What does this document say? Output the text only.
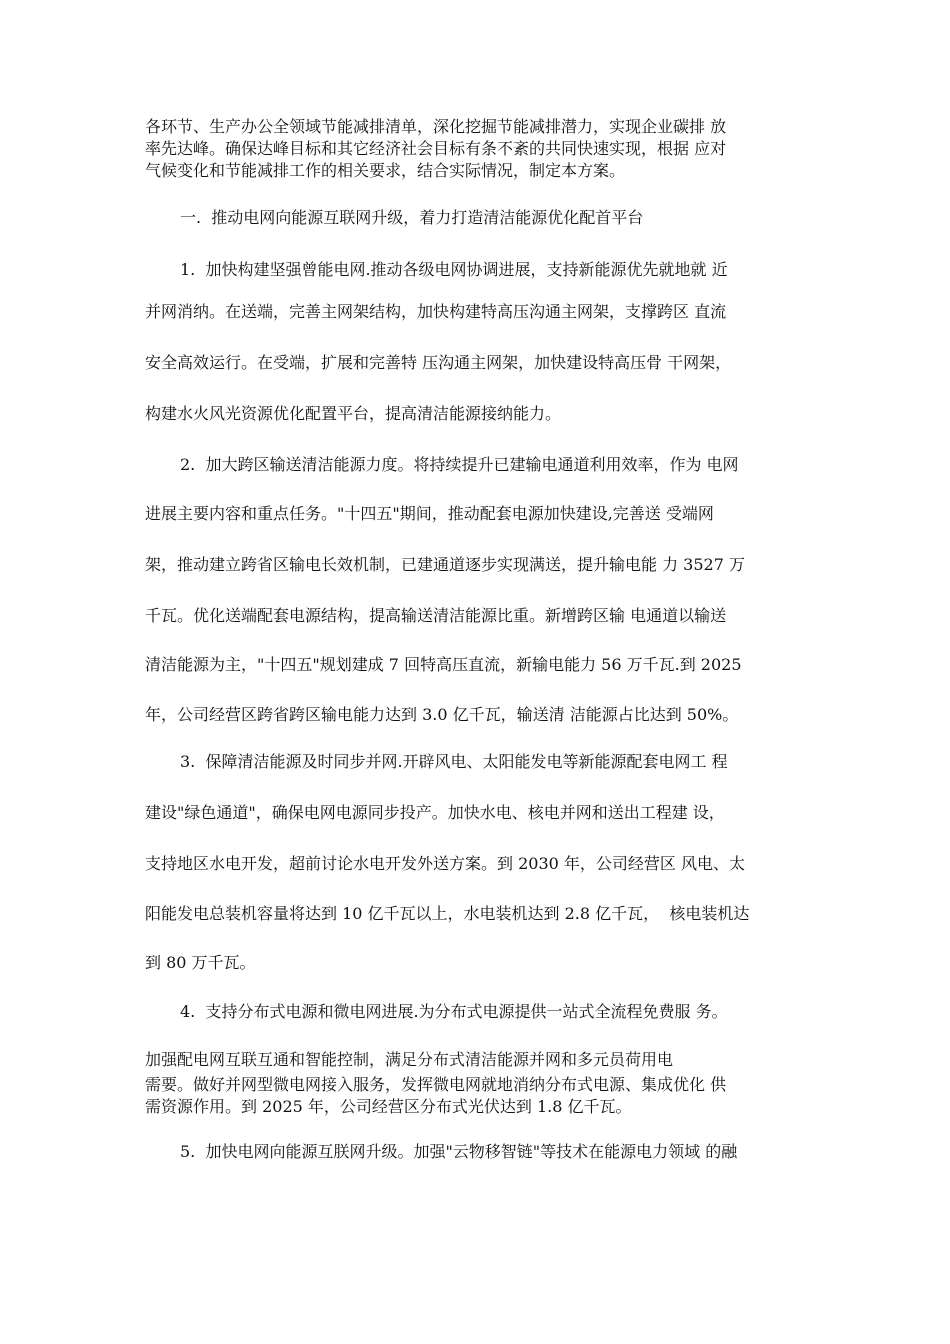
各环节、生产办公全领域节能减排清单，深化挖掘节能减排潜力，实现企业碳排 放
率先达峰。确保达峰目标和其它经济社会目标有条不紊的共同快速实现，根据 应对
气候变化和节能减排工作的相关要求，结合实际情况，制定本方案。
一.  推动电网向能源互联网升级，着力打造清洁能源优化配首平台
1.  加快构建坚强曾能电网.推动各级电网协调进展，支持新能源优先就地就 近
并网消纳。在送端，完善主网架结构，加快构建特高压沟通主网架，支撑跨区 直流
安全高效运行。在受端，扩展和完善特 压沟通主网架，加快建设特高压骨 干网架，
构建水火风光资源优化配置平台，提高清洁能源接纳能力。
2.  加大跨区输送清洁能源力度。将持续提升已建输电通道利用效率，作为 电网
进展主要内容和重点任务。"十四五"期间，推动配套电源加快建设,完善送 受端网
架，推动建立跨省区输电长效机制，已建通道逐步实现满送，提升输电能 力 3527 万
千瓦。优化送端配套电源结构，提高输送清洁能源比重。新增跨区输 电通道以输送
清洁能源为主，"十四五"规划建成 7 回特高压直流，新输电能力 56 万千瓦.到 2025
年，公司经营区跨省跨区输电能力达到 3.0 亿千瓦，输送清 洁能源占比达到 50%。
3.  保障清洁能源及时同步并网.开辟风电、太阳能发电等新能源配套电网工 程
建设"绿色通道"，确保电网电源同步投产。加快水电、核电并网和送出工程建 设，
支持地区水电开发，超前讨论水电开发外送方案。到 2030 年，公司经营区 风电、太
阳能发电总装机容量将达到 10 亿千瓦以上，水电装机达到 2.8 亿千瓦，  核电装机达
到 80 万千瓦。
4.  支持分布式电源和微电网进展.为分布式电源提供一站式全流程免费服 务。
加强配电网互联互通和智能控制，满足分布式清洁能源并网和多元员荷用电
需要。做好并网型微电网接入服务，发挥微电网就地消纳分布式电源、集成优化 供
需资源作用。到 2025 年，公司经营区分布式光伏达到 1.8 亿千瓦。
5.  加快电网向能源互朕网升级。加强"云物移智链"等技术在能源电力领域 的融
